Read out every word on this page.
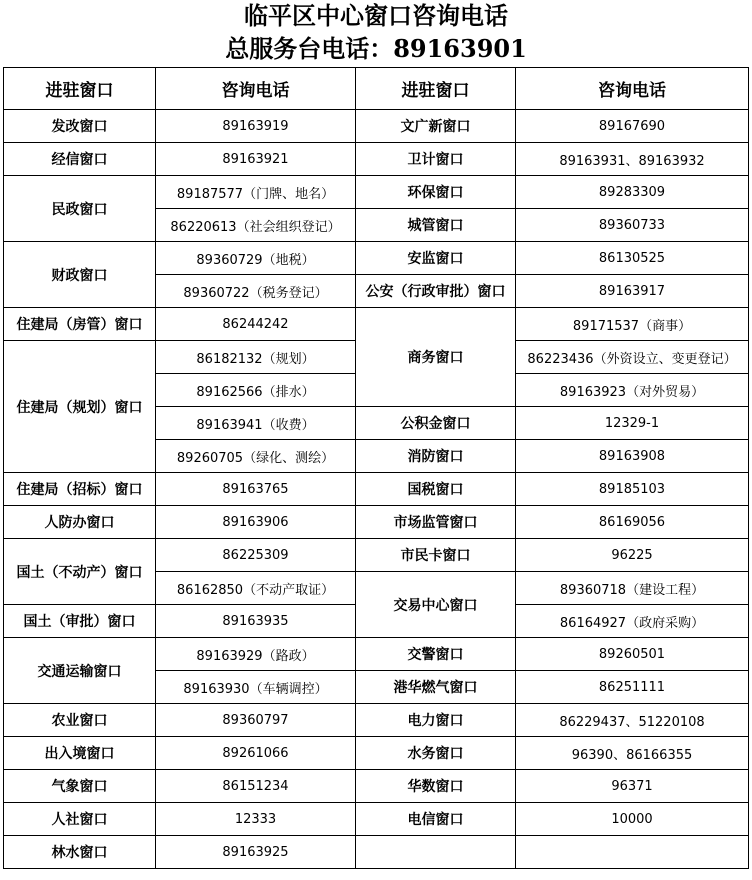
临平区中心窗口咨询电话
总服务台电话：89163901
进驻窗口	咨询电话	进驻窗口	咨询电话
发改窗口	89163919	文广新窗口	89167690
经信窗口	89163921	卫计窗口	89163931、89163932
民政窗口	89187577（门牌、地名）	环保窗口	89283309
	86220613（社会组织登记）	城管窗口	89360733
财政窗口	89360729（地税）	安监窗口	86130525
	89360722（税务登记）	公安（行政审批）窗口	89163917
住建局（房管）窗口	86244242	商务窗口	89171537（商事）
住建局（规划）窗口	86182132（规划）		86223436（外资设立、变更登记）
	89162566（排水）		89163923（对外贸易）
	89163941（收费）	公积金窗口	12329-1
	89260705（绿化、测绘）	消防窗口	89163908
住建局（招标）窗口	89163765	国税窗口	89185103
人防办窗口	89163906	市场监管窗口	86169056
国土（不动产）窗口	86225309	市民卡窗口	96225
	86162850（不动产取证）	交易中心窗口	89360718（建设工程）
国土（审批）窗口	89163935		86164927（政府采购）
交通运输窗口	89163929（路政）	交警窗口	89260501
	89163930（车辆调控）	港华燃气窗口	86251111
农业窗口	89360797	电力窗口	86229437、51220108
出入境窗口	89261066	水务窗口	96390、86166355
气象窗口	86151234	华数窗口	96371
人社窗口	12333	电信窗口	10000
林水窗口	89163925		
